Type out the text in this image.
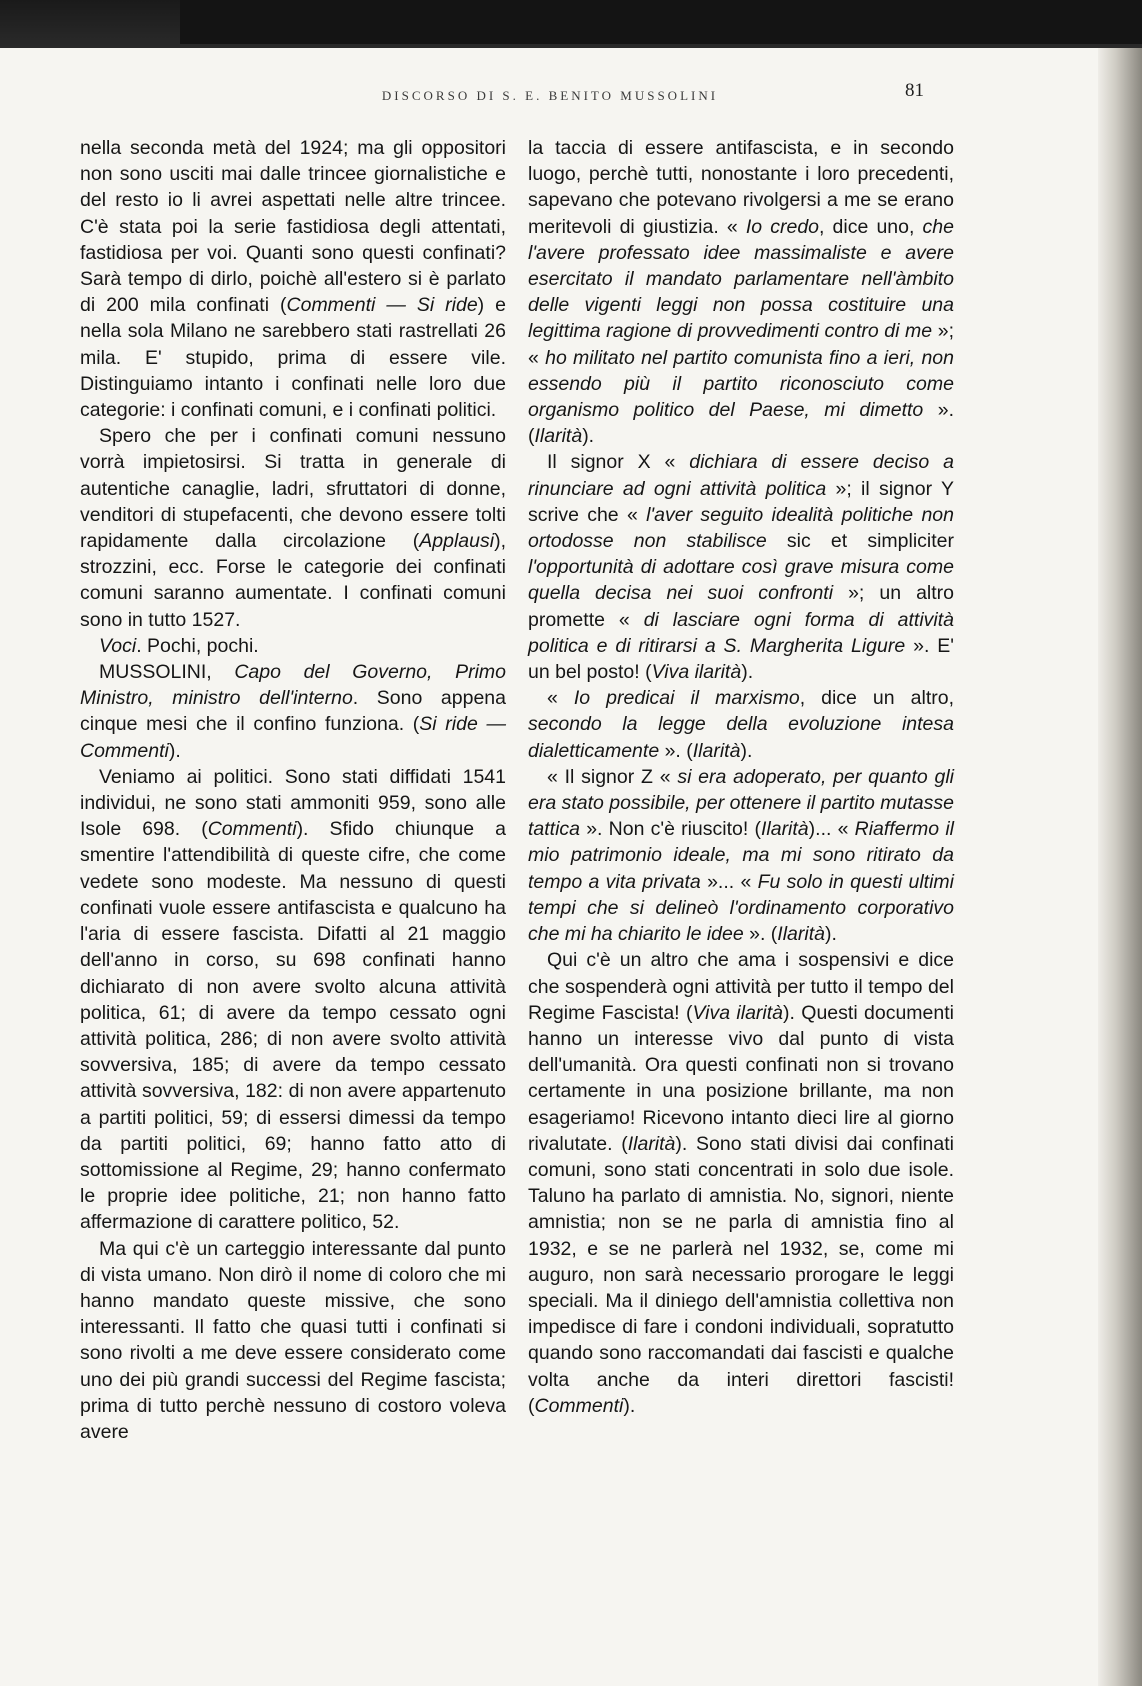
DISCORSO DI S. E. BENITO MUSSOLINI	81

nella seconda metà del 1924; ma gli oppositori non sono usciti mai dalle trincee giornalistiche e del resto io li avrei aspettati nelle altre trincee. C'è stata poi la serie fastidiosa degli attentati, fastidiosa per voi. Quanti sono questi confinati? Sarà tempo di dirlo, poichè all'estero si è parlato di 200 mila confinati (Commenti — Si ride) e nella sola Milano ne sarebbero stati rastrellati 26 mila. E' stupido, prima di essere vile. Distinguiamo intanto i confinati nelle loro due categorie: i confinati comuni, e i confinati politici.

Spero che per i confinati comuni nessuno vorrà impietosirsi. Si tratta in generale di autentiche canaglie, ladri, sfruttatori di donne, venditori di stupefacenti, che devono essere tolti rapidamente dalla circolazione (Applausi), strozzini, ecc. Forse le categorie dei confinati comuni saranno aumentate. I confinati comuni sono in tutto 1527.

Voci. Pochi, pochi.

MUSSOLINI, Capo del Governo, Primo Ministro, ministro dell'interno. Sono appena cinque mesi che il confino funziona. (Si ride — Commenti).

Veniamo ai politici. Sono stati diffidati 1541 individui, ne sono stati ammoniti 959, sono alle Isole 698. (Commenti). Sfido chiunque a smentire l'attendibilità di queste cifre, che come vedete sono modeste. Ma nessuno di questi confinati vuole essere antifascista e qualcuno ha l'aria di essere fascista. Difatti al 21 maggio dell'anno in corso, su 698 confinati hanno dichiarato di non avere svolto alcuna attività politica, 61; di avere da tempo cessato ogni attività politica, 286; di non avere svolto attività sovversiva, 185; di avere da tempo cessato attività sovversiva, 182: di non avere appartenuto a partiti politici, 59; di essersi dimessi da tempo da partiti politici, 69; hanno fatto atto di sottomissione al Regime, 29; hanno confermato le proprie idee politiche, 21; non hanno fatto affermazione di carattere politico, 52.

Ma qui c'è un carteggio interessante dal punto di vista umano. Non dirò il nome di coloro che mi hanno mandato queste missive, che sono interessanti. Il fatto che quasi tutti i confinati si sono rivolti a me deve essere considerato come uno dei più grandi successi del Regime fascista; prima di tutto perchè nessuno di costoro voleva avere

la taccia di essere antifascista, e in secondo luogo, perchè tutti, nonostante i loro precedenti, sapevano che potevano rivolgersi a me se erano meritevoli di giustizia. « Io credo, dice uno, che l'avere professato idee massimaliste e avere esercitato il mandato parlamentare nell'àmbito delle vigenti leggi non possa costituire una legittima ragione di provvedimenti contro di me »; « ho militato nel partito comunista fino a ieri, non essendo più il partito riconosciuto come organismo politico del Paese, mi dimetto ». (Ilarità).

Il signor X « dichiara di essere deciso a rinunciare ad ogni attività politica »; il signor Y scrive che « l'aver seguito idealità politiche non ortodosse non stabilisce sic et simpliciter l'opportunità di adottare così grave misura come quella decisa nei suoi confronti »; un altro promette « di lasciare ogni forma di attività politica e di ritirarsi a S. Margherita Ligure ». E' un bel posto! (Viva ilarità).

« Io predicai il marxismo, dice un altro, secondo la legge della evoluzione intesa dialetticamente ». (Ilarità).

« Il signor Z « si era adoperato, per quanto gli era stato possibile, per ottenere il partito mutasse tattica ». Non c'è riuscito! (Ilarità)... « Riaffermo il mio patrimonio ideale, ma mi sono ritirato da tempo a vita privata »... « Fu solo in questi ultimi tempi che si delineò l'ordinamento corporativo che mi ha chiarito le idee ». (Ilarità).

Qui c'è un altro che ama i sospensivi e dice che sospenderà ogni attività per tutto il tempo del Regime Fascista! (Viva ilarità). Questi documenti hanno un interesse vivo dal punto di vista dell'umanità. Ora questi confinati non si trovano certamente in una posizione brillante, ma non esageriamo! Ricevono intanto dieci lire al giorno rivalutate. (Ilarità). Sono stati divisi dai confinati comuni, sono stati concentrati in solo due isole. Taluno ha parlato di amnistia. No, signori, niente amnistia; non se ne parla di amnistia fino al 1932, e se ne parlerà nel 1932, se, come mi auguro, non sarà necessario prorogare le leggi speciali. Ma il diniego dell'amnistia collettiva non impedisce di fare i condoni individuali, sopratutto quando sono raccomandati dai fascisti e qualche volta anche da interi direttori fascisti! (Commenti).
